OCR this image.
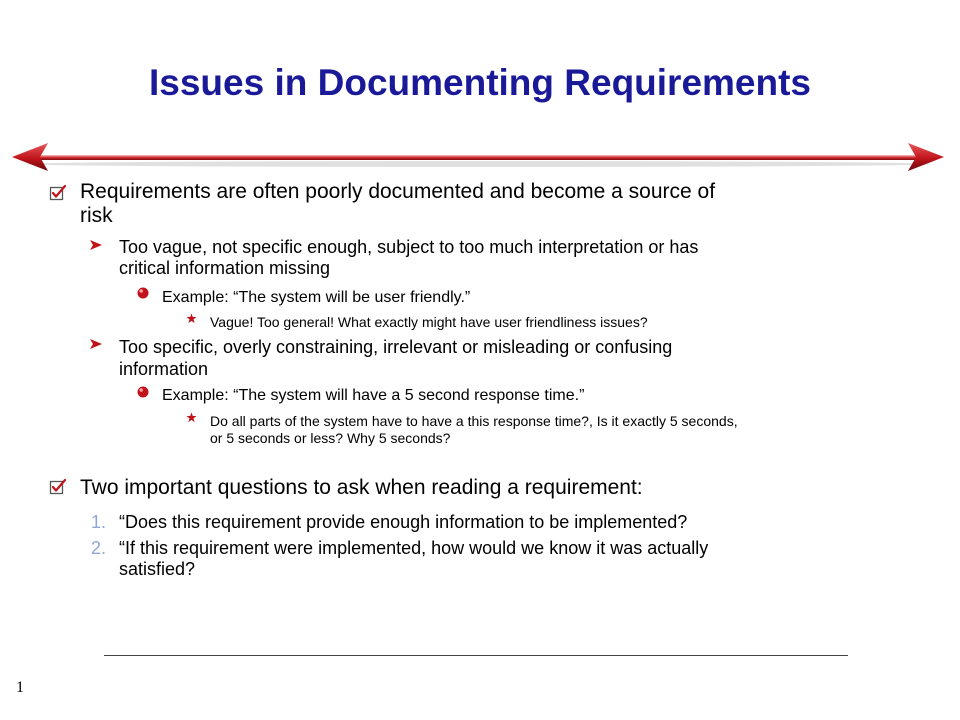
Issues in Documenting Requirements
Requirements are often poorly documented and become a source of
risk
Too vague, not specific enough, subject to too much interpretation or has
critical information missing
Example: “The system will be user friendly.”
Vague! Too general! What exactly might have user friendliness issues?
Too specific, overly constraining, irrelevant or misleading or confusing
information
Example: “The system will have a 5 second response time.”
Do all parts of the system have to have a this response time?, Is it exactly 5 seconds,
or 5 seconds or less? Why 5 seconds?
Two important questions to ask when reading a requirement:
1. “Does this requirement provide enough information to be implemented?
2. “If this requirement were implemented, how would we know it was actually
satisfied?
1
